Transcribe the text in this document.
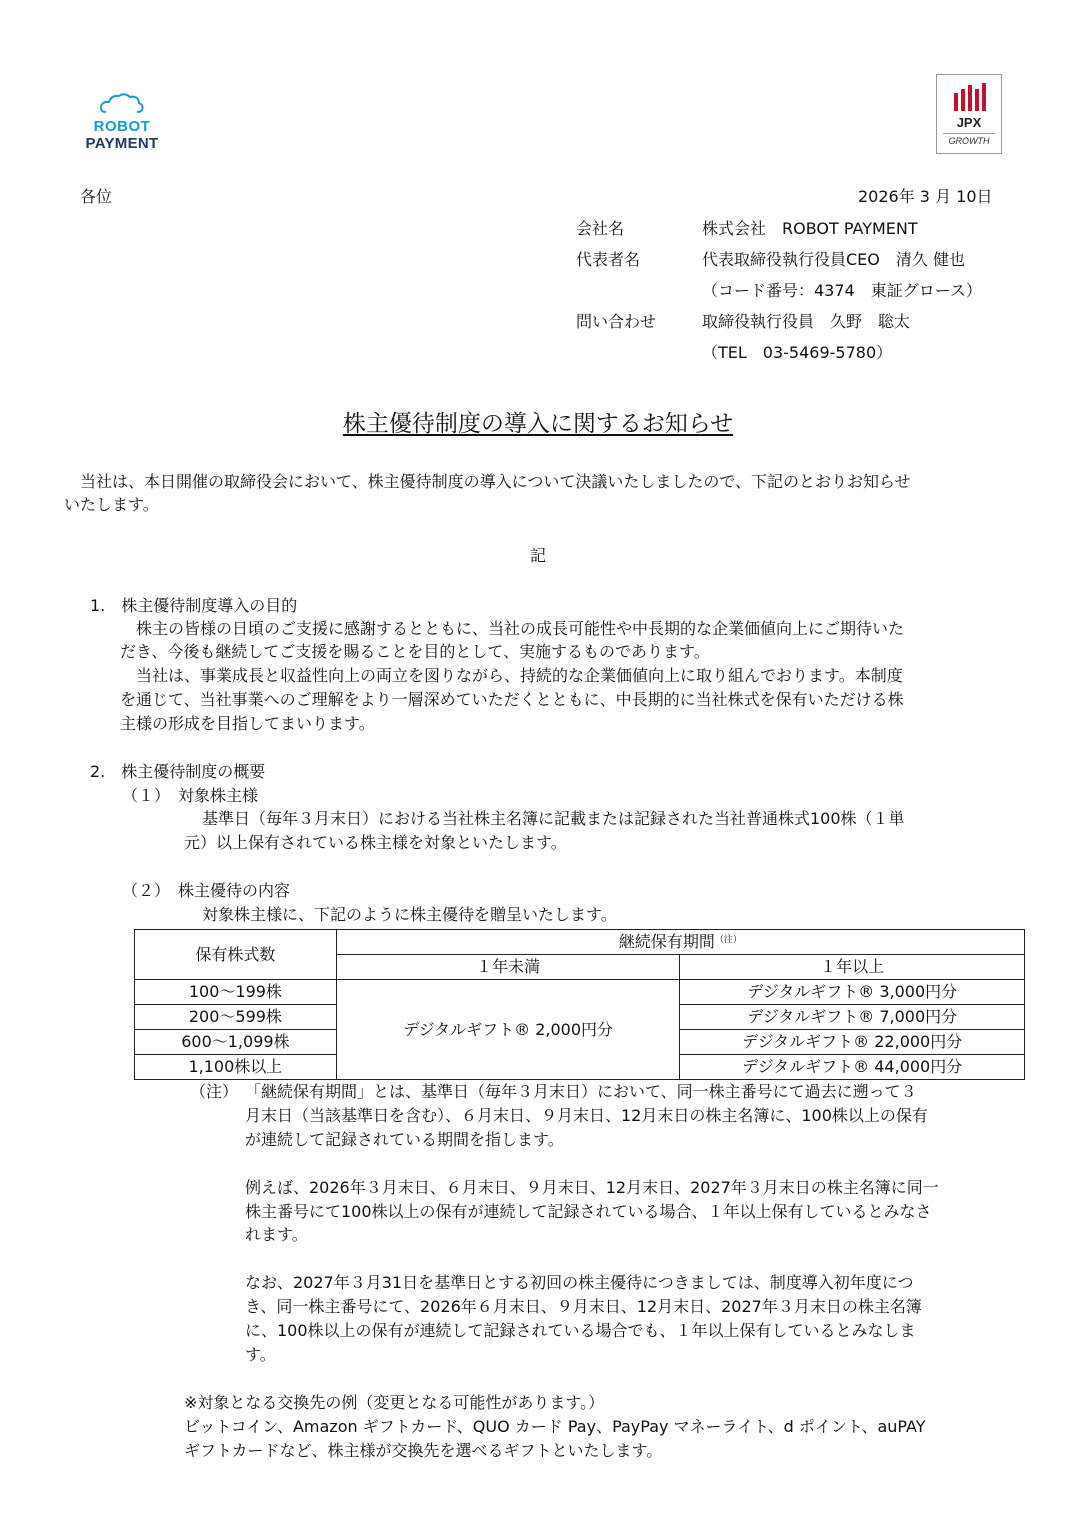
ROBOT
PAYMENT
JPX
GROWTH
各位	2026年 3 月 10日
会社名	株式会社　ROBOT PAYMENT
代表者名	代表取締役執行役員CEO　清久 健也
（コード番号：4374　東証グロース）
問い合わせ	取締役執行役員　久野　聡太
（TEL　03-5469-5780）
株主優待制度の導入に関するお知らせ
　当社は、本日開催の取締役会において、株主優待制度の導入について決議いたしましたので、下記のとおりお知らせ
いたします。
記
1.　株主優待制度導入の目的
　株主の皆様の日頃のご支援に感謝するとともに、当社の成長可能性や中長期的な企業価値向上にご期待いた
だき、今後も継続してご支援を賜ることを目的として、実施するものであります。
　当社は、事業成長と収益性向上の両立を図りながら、持続的な企業価値向上に取り組んでおります。本制度
を通じて、当社事業へのご理解をより一層深めていただくとともに、中長期的に当社株式を保有いただける株
主様の形成を目指してまいります。
2.　株主優待制度の概要
（１）　対象株主様
基準日（毎年３月末日）における当社株主名簿に記載または記録された当社普通株式100株（１単
元）以上保有されている株主様を対象といたします。
（２）　株主優待の内容
対象株主様に、下記のように株主優待を贈呈いたします。
保有株式数	継続保有期間$^{(注)}$
	１年未満	１年以上
100～199株	デジタルギフト® 2,000円分	デジタルギフト® 3,000円分
200～599株		デジタルギフト® 7,000円分
600～1,099株		デジタルギフト® 22,000円分
1,100株以上		デジタルギフト® 44,000円分
（注） 「継続保有期間」とは、基準日（毎年３月末日）において、同一株主番号にて過去に遡って３
月末日（当該基準日を含む）、６月末日、９月末日、12月末日の株主名簿に、100株以上の保有
が連続して記録されている期間を指します。
例えば、2026年３月末日、６月末日、９月末日、12月末日、2027年３月末日の株主名簿に同一
株主番号にて100株以上の保有が連続して記録されている場合、１年以上保有しているとみなさ
れます。
なお、2027年３月31日を基準日とする初回の株主優待につきましては、制度導入初年度につ
き、同一株主番号にて、2026年６月末日、９月末日、12月末日、2027年３月末日の株主名簿
に、100株以上の保有が連続して記録されている場合でも、１年以上保有しているとみなしま
す。
※対象となる交換先の例（変更となる可能性があります。）
ビットコイン、Amazon ギフトカード、QUO カード Pay、PayPay マネーライト、d ポイント、auPAY
ギフトカードなど、株主様が交換先を選べるギフトといたします。
